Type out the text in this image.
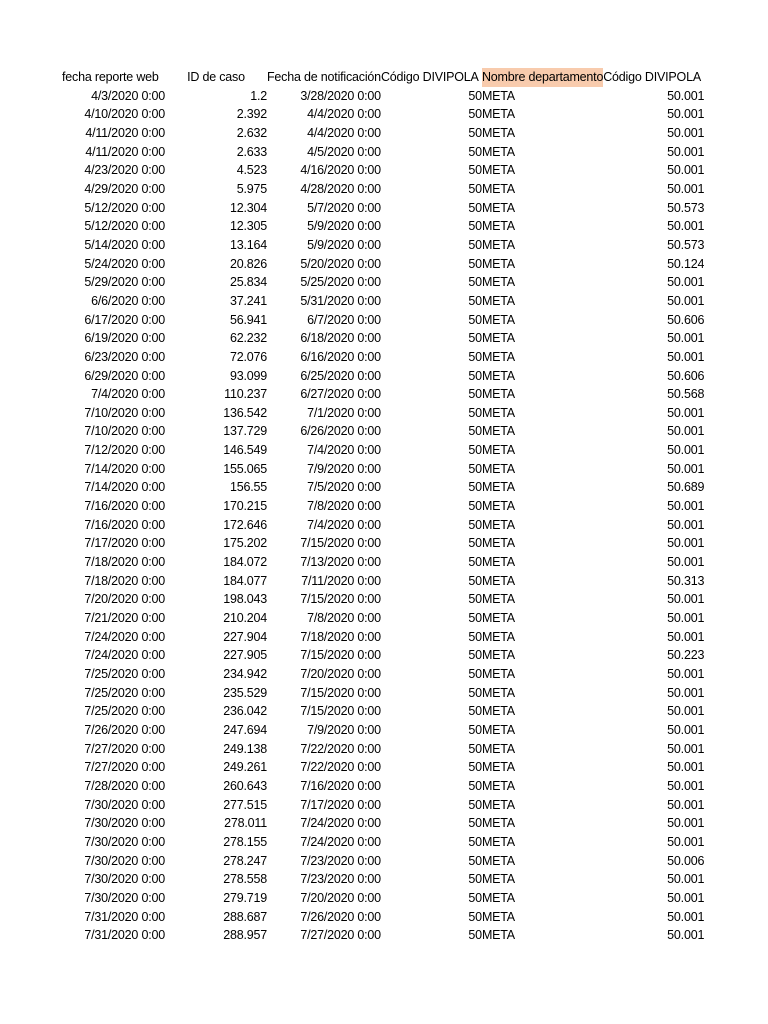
fecha reporte web	ID de caso	Fecha de notificación	Código DIVIPOLA	Nombre departamento	Código DIVIPOLA
4/3/2020 0:00	1.2	3/28/2020 0:00	50	META	50.001
4/10/2020 0:00	2.392	4/4/2020 0:00	50	META	50.001
4/11/2020 0:00	2.632	4/4/2020 0:00	50	META	50.001
4/11/2020 0:00	2.633	4/5/2020 0:00	50	META	50.001
4/23/2020 0:00	4.523	4/16/2020 0:00	50	META	50.001
4/29/2020 0:00	5.975	4/28/2020 0:00	50	META	50.001
5/12/2020 0:00	12.304	5/7/2020 0:00	50	META	50.573
5/12/2020 0:00	12.305	5/9/2020 0:00	50	META	50.001
5/14/2020 0:00	13.164	5/9/2020 0:00	50	META	50.573
5/24/2020 0:00	20.826	5/20/2020 0:00	50	META	50.124
5/29/2020 0:00	25.834	5/25/2020 0:00	50	META	50.001
6/6/2020 0:00	37.241	5/31/2020 0:00	50	META	50.001
6/17/2020 0:00	56.941	6/7/2020 0:00	50	META	50.606
6/19/2020 0:00	62.232	6/18/2020 0:00	50	META	50.001
6/23/2020 0:00	72.076	6/16/2020 0:00	50	META	50.001
6/29/2020 0:00	93.099	6/25/2020 0:00	50	META	50.606
7/4/2020 0:00	110.237	6/27/2020 0:00	50	META	50.568
7/10/2020 0:00	136.542	7/1/2020 0:00	50	META	50.001
7/10/2020 0:00	137.729	6/26/2020 0:00	50	META	50.001
7/12/2020 0:00	146.549	7/4/2020 0:00	50	META	50.001
7/14/2020 0:00	155.065	7/9/2020 0:00	50	META	50.001
7/14/2020 0:00	156.55	7/5/2020 0:00	50	META	50.689
7/16/2020 0:00	170.215	7/8/2020 0:00	50	META	50.001
7/16/2020 0:00	172.646	7/4/2020 0:00	50	META	50.001
7/17/2020 0:00	175.202	7/15/2020 0:00	50	META	50.001
7/18/2020 0:00	184.072	7/13/2020 0:00	50	META	50.001
7/18/2020 0:00	184.077	7/11/2020 0:00	50	META	50.313
7/20/2020 0:00	198.043	7/15/2020 0:00	50	META	50.001
7/21/2020 0:00	210.204	7/8/2020 0:00	50	META	50.001
7/24/2020 0:00	227.904	7/18/2020 0:00	50	META	50.001
7/24/2020 0:00	227.905	7/15/2020 0:00	50	META	50.223
7/25/2020 0:00	234.942	7/20/2020 0:00	50	META	50.001
7/25/2020 0:00	235.529	7/15/2020 0:00	50	META	50.001
7/25/2020 0:00	236.042	7/15/2020 0:00	50	META	50.001
7/26/2020 0:00	247.694	7/9/2020 0:00	50	META	50.001
7/27/2020 0:00	249.138	7/22/2020 0:00	50	META	50.001
7/27/2020 0:00	249.261	7/22/2020 0:00	50	META	50.001
7/28/2020 0:00	260.643	7/16/2020 0:00	50	META	50.001
7/30/2020 0:00	277.515	7/17/2020 0:00	50	META	50.001
7/30/2020 0:00	278.011	7/24/2020 0:00	50	META	50.001
7/30/2020 0:00	278.155	7/24/2020 0:00	50	META	50.001
7/30/2020 0:00	278.247	7/23/2020 0:00	50	META	50.006
7/30/2020 0:00	278.558	7/23/2020 0:00	50	META	50.001
7/30/2020 0:00	279.719	7/20/2020 0:00	50	META	50.001
7/31/2020 0:00	288.687	7/26/2020 0:00	50	META	50.001
7/31/2020 0:00	288.957	7/27/2020 0:00	50	META	50.001
